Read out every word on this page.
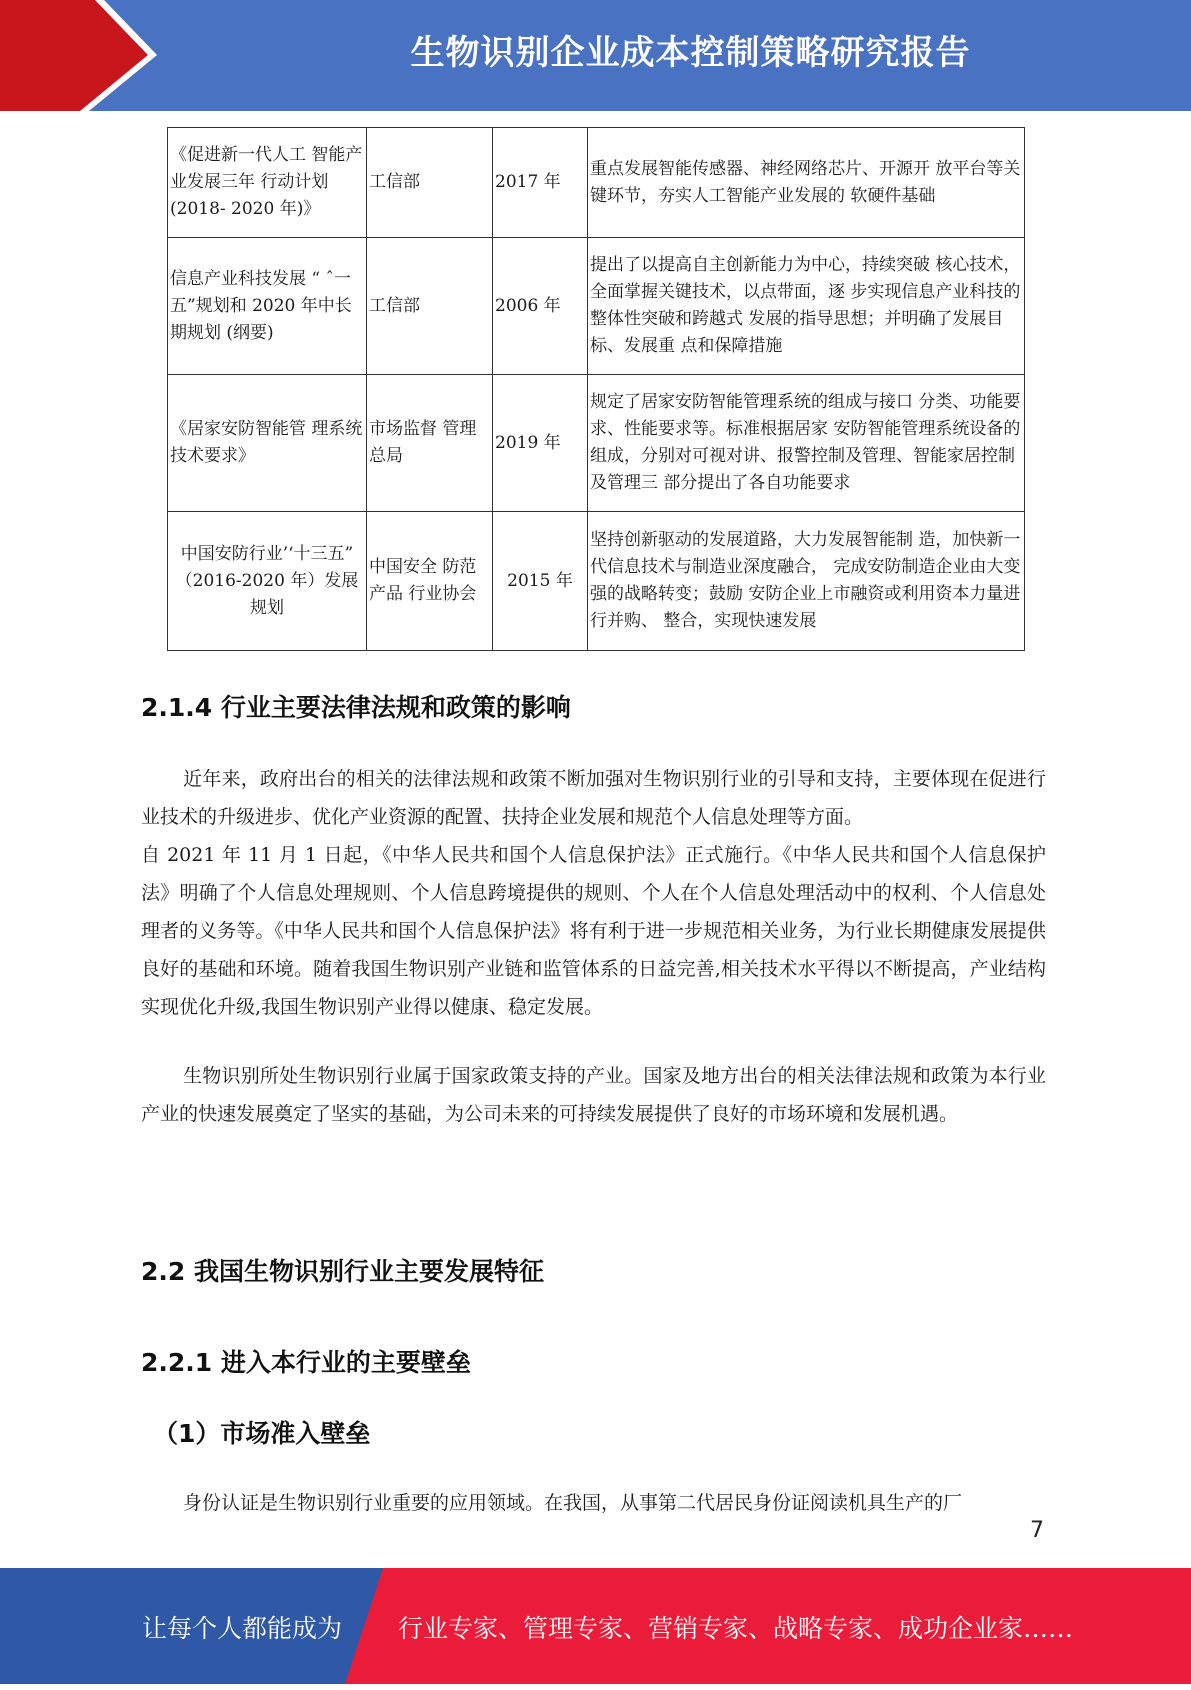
生物识别企业成本控制策略研究报告
《促进新一代人工 智能产业发展三年 行动计划(2018- 2020 年)》	工信部	2017 年	重点发展智能传感器、神经网络芯片、开源开 放平台等关键环节，夯实人工智能产业发展的 软硬件基础
信息产业科技发展 “ ˆ一五”规划和 2020 年中长期规划 (纲要)	工信部	2006 年	提出了以提高自主创新能力为中心，持续突破 核心技术，全面掌握关键技术，以点带面，逐 步实现信息产业科技的整体性突破和跨越式 发展的指导思想；并明确了发展目标、发展重 点和保障措施
《居家安防智能管 理系统技术要求》	市场监督 管理总局	2019 年	规定了居家安防智能管理系统的组成与接口 分类、功能要求、性能要求等。标准根据居家 安防智能管理系统设备的组成，分别对可视对讲、报警控制及管理、智能家居控制及管理三 部分提出了各自功能要求
中国安防行业’‘十三五” （2016-2020 年）发展规划	中国安全 防范产品 行业协会	2015 年	坚持创新驱动的发展道路，大力发展智能制 造，加快新一代信息技术与制造业深度融合， 完成安防制造企业由大变强的战略转变；鼓励 安防企业上市融资或利用资本力量进行并购、 整合，实现快速发展
2.1.4 行业主要法律法规和政策的影响

近年来，政府出台的相关的法律法规和政策不断加强对生物识别行业的引导和支持，主要体现在促进行业技术的升级进步、优化产业资源的配置、扶持企业发展和规范个人信息处理等方面。
自 2021 年 11 月 1 日起，《中华人民共和国个人信息保护法》正式施行。《中华人民共和国个人信息保护法》明确了个人信息处理规则、个人信息跨境提供的规则、个人在个人信息处理活动中的权利、个人信息处理者的义务等。《中华人民共和国个人信息保护法》将有利于进一步规范相关业务，为行业长期健康发展提供良好的基础和环境。随着我国生物识别产业链和监管体系的日益完善,相关技术水平得以不断提高，产业结构实现优化升级,我国生物识别产业得以健康、稳定发展。

生物识别所处生物识别行业属于国家政策支持的产业。国家及地方出台的相关法律法规和政策为本行业产业的快速发展奠定了坚实的基础，为公司未来的可持续发展提供了良好的市场环境和发展机遇。

2.2 我国生物识别行业主要发展特征
2.2.1 进入本行业的主要壁垒
（1）市场准入壁垒

身份认证是生物识别行业重要的应用领域。在我国，从事第二代居民身份证阅读机具生产的厂

7
让每个人都能成为 行业专家、管理专家、营销专家、战略专家、成功企业家……
